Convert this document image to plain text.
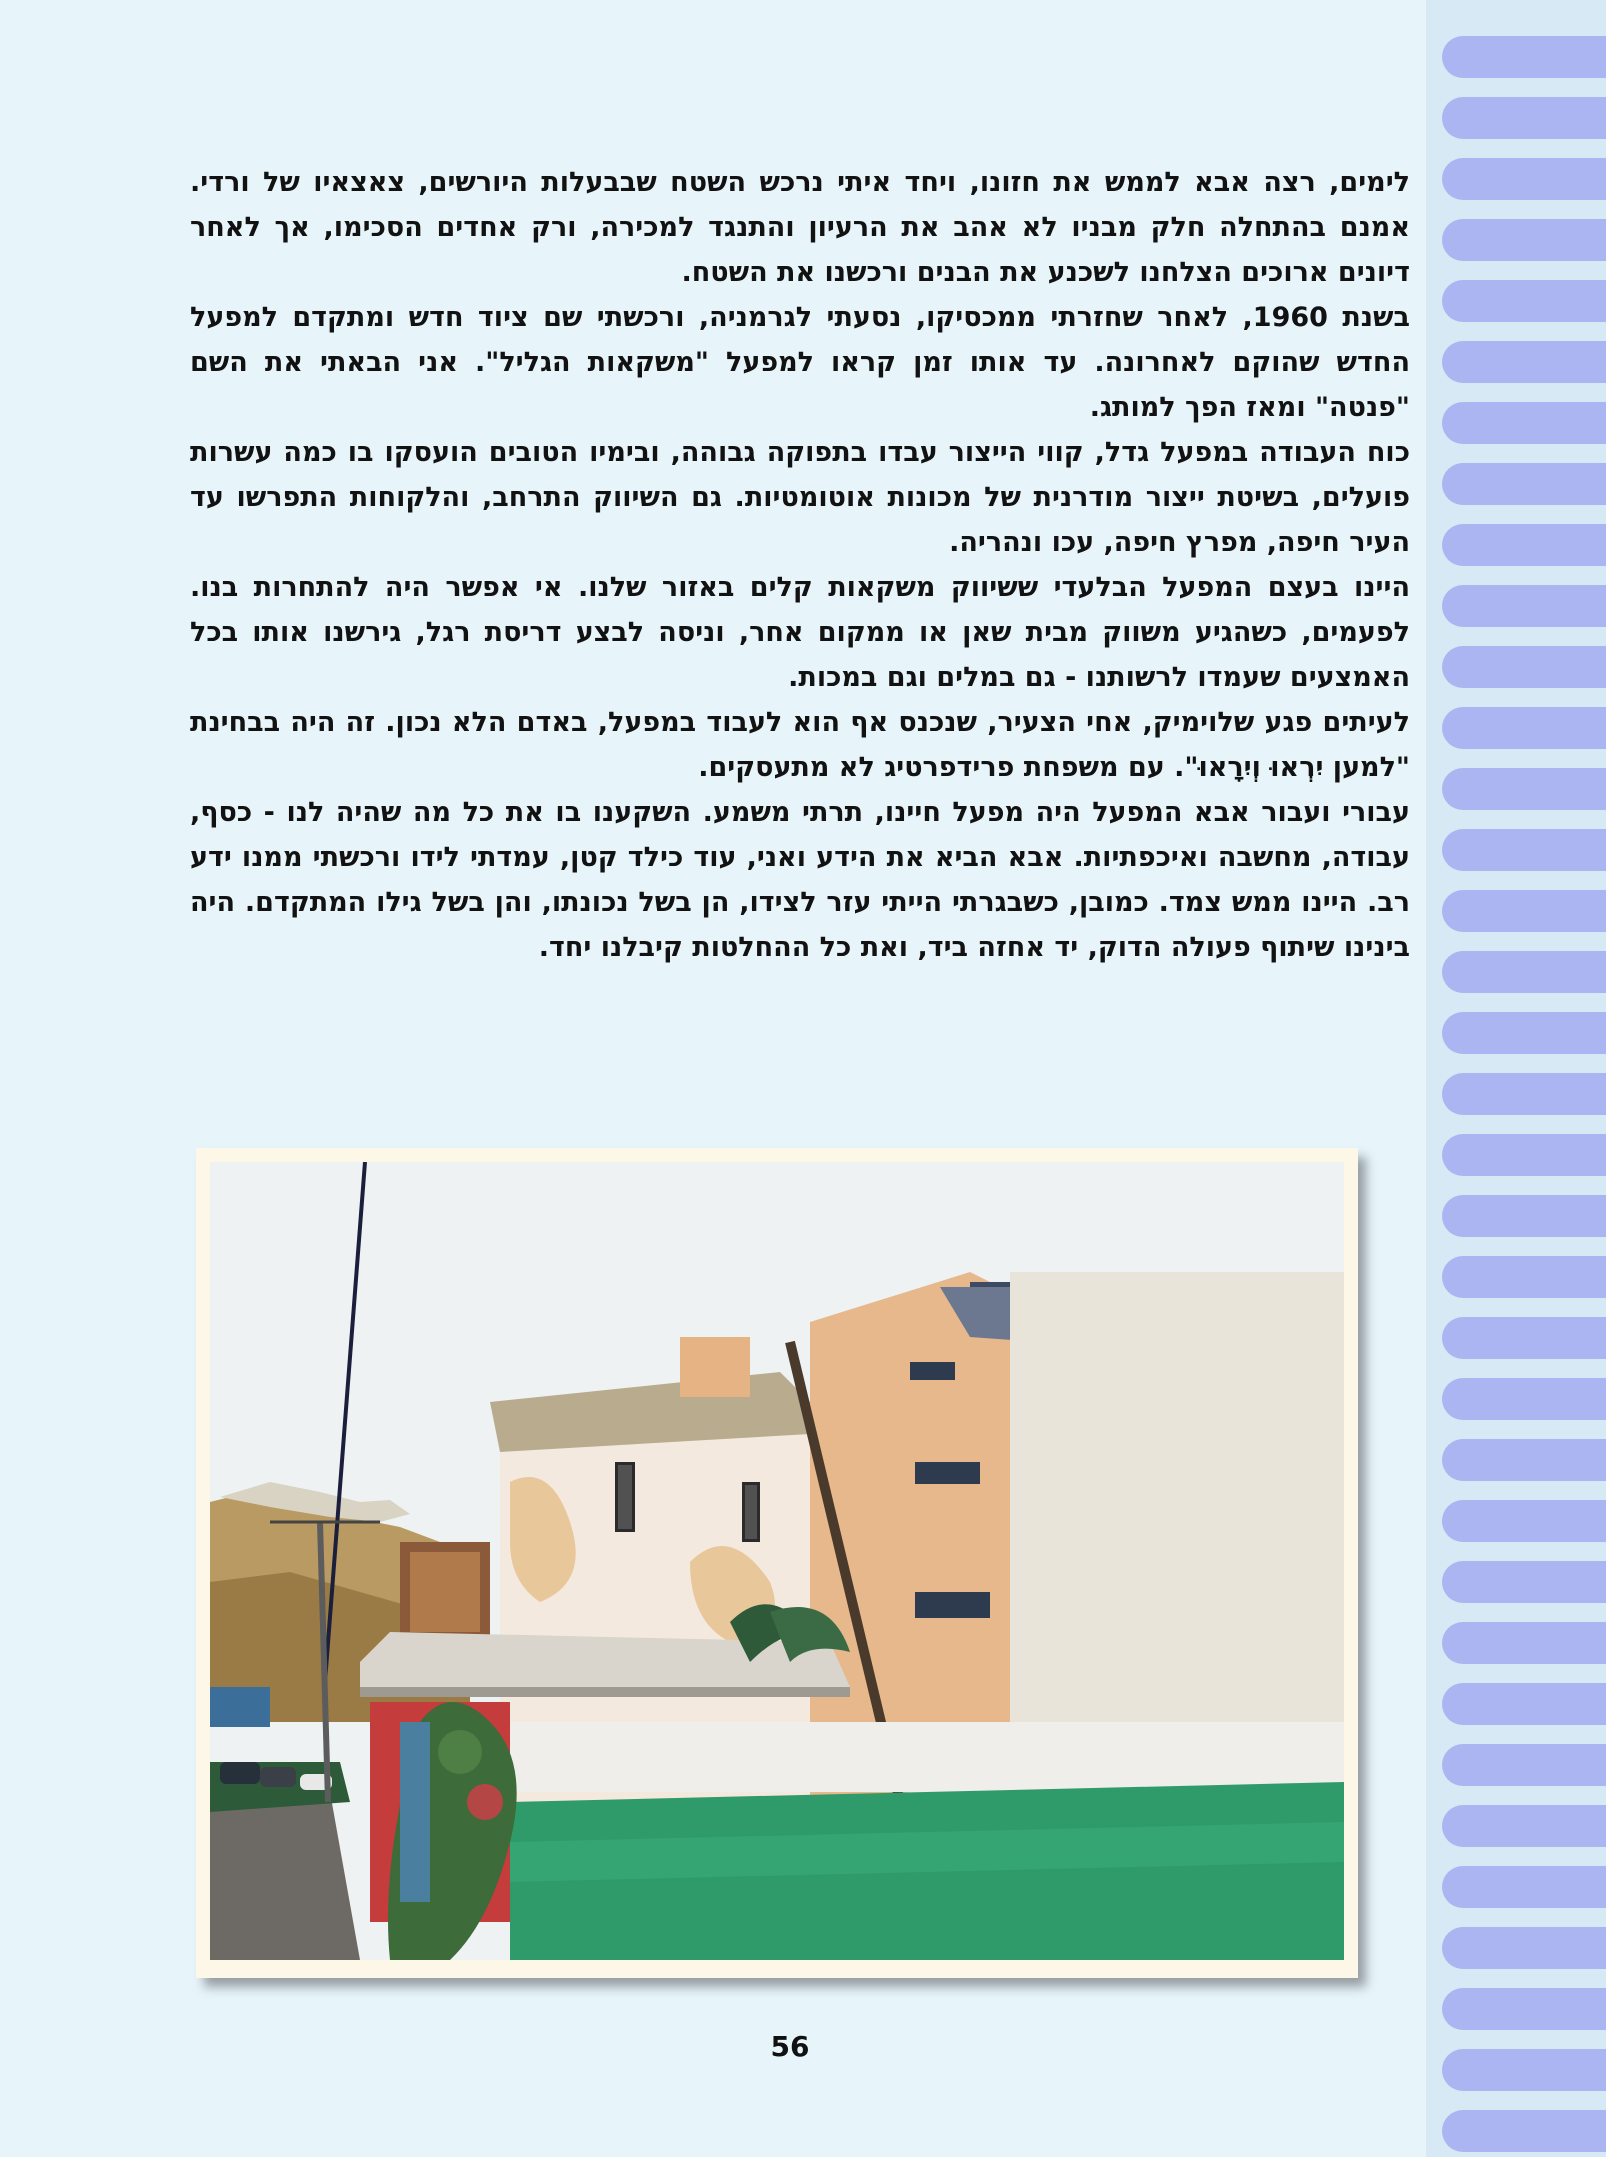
לימים, רצה אבא לממש את חזונו, ויחד איתי נרכש השטח שבבעלות היורשים, צאצאיו של ורדי. אמנם בהתחלה חלק מבניו לא אהב את הרעיון והתנגד למכירה, ורק אחדים הסכימו, אך לאחר דיונים ארוכים הצלחנו לשכנע את הבנים ורכשנו את השטח.

בשנת 1960, לאחר שחזרתי ממכסיקו, נסעתי לגרמניה, ורכשתי שם ציוד חדש ומתקדם למפעל החדש שהוקם לאחרונה. עד אותו זמן קראו למפעל "משקאות הגליל". אני הבאתי את השם "פנטה" ומאז הפך למותג.

כוח העבודה במפעל גדל, קווי הייצור עבדו בתפוקה גבוהה, ובימיו הטובים הועסקו בו כמה עשרות פועלים, בשיטת ייצור מודרנית של מכונות אוטומטיות. גם השיווק התרחב, והלקוחות התפרשו עד העיר חיפה, מפרץ חיפה, עכו ונהריה.

היינו בעצם המפעל הבלעדי ששיווק משקאות קלים באזור שלנו. אי אפשר היה להתחרות בנו. לפעמים, כשהגיע משווק מבית שאן או ממקום אחר, וניסה לבצע דריסת רגל, גירשנו אותו בכל האמצעים שעמדו לרשותנו - גם במלים וגם במכות.

לעיתים פגע שלוימיק, אחי הצעיר, שנכנס אף הוא לעבוד במפעל, באדם הלא נכון. זה היה בבחינת "למען יִרְאוּ וְיִרָאוּ". עם משפחת פרידפרטיג לא מתעסקים.

עבורי ועבור אבא המפעל היה מפעל חיינו, תרתי משמע. השקענו בו את כל מה שהיה לנו - כסף, עבודה, מחשבה ואיכפתיות. אבא הביא את הידע ואני, עוד כילד קטן, עמדתי לידו ורכשתי ממנו ידע רב. היינו ממש צמד. כמובן, כשבגרתי הייתי עזר לצידו, הן בשל נכונתו, והן בשל גילו המתקדם. היה בינינו שיתוף פעולה הדוק, יד אחזה ביד, ואת כל ההחלטות קיבלנו יחד.

56
